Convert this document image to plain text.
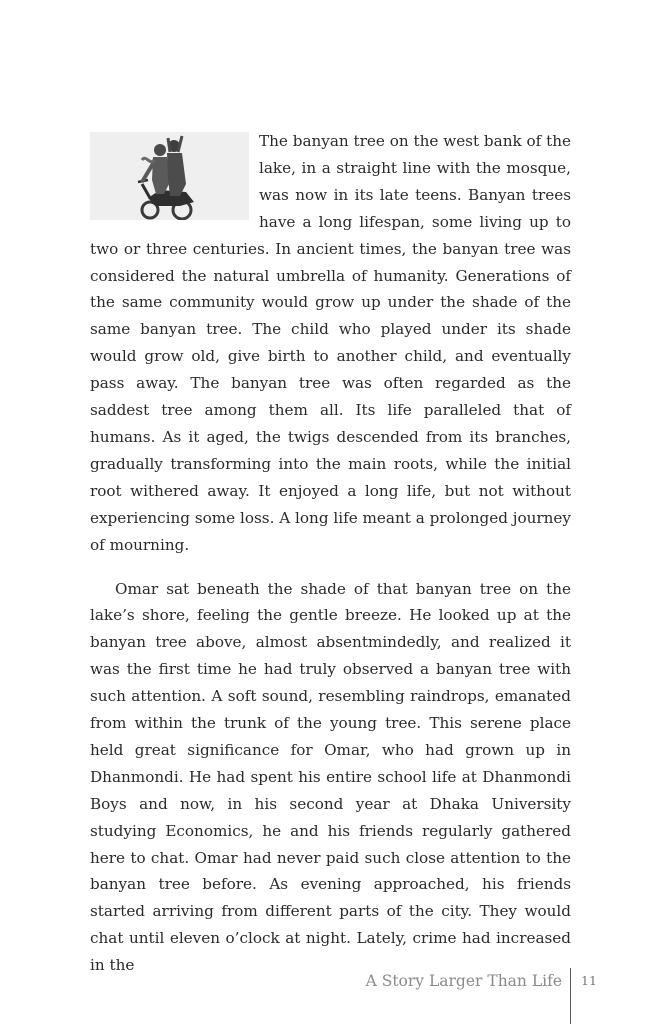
The banyan tree on the west bank of the lake, in a straight line with the mosque, was now in its late teens. Banyan trees have a long lifespan, some living up to two or three centuries. In ancient times, the banyan tree was considered the natural umbrella of humanity. Generations of the same community would grow up under the shade of the same banyan tree. The child who played under its shade would grow old, give birth to another child, and eventually pass away. The banyan tree was often regarded as the saddest tree among them all. Its life paralleled that of humans. As it aged, the twigs descended from its branches, gradually transforming into the main roots, while the initial root withered away. It enjoyed a long life, but not without experiencing some loss. A long life meant a prolonged journey of mourning.

Omar sat beneath the shade of that banyan tree on the lake’s shore, feeling the gentle breeze. He looked up at the banyan tree above, almost absentmindedly, and realized it was the first time he had truly observed a banyan tree with such attention. A soft sound, resembling raindrops, emanated from within the trunk of the young tree. This serene place held great significance for Omar, who had grown up in Dhanmondi. He had spent his entire school life at Dhanmondi Boys and now, in his second year at Dhaka University studying Economics, he and his friends regularly gathered here to chat. Omar had never paid such close attention to the banyan tree before. As evening approached, his friends started arriving from different parts of the city. They would chat until eleven o’clock at night. Lately, crime had increased in the

A Story Larger Than Life 11
